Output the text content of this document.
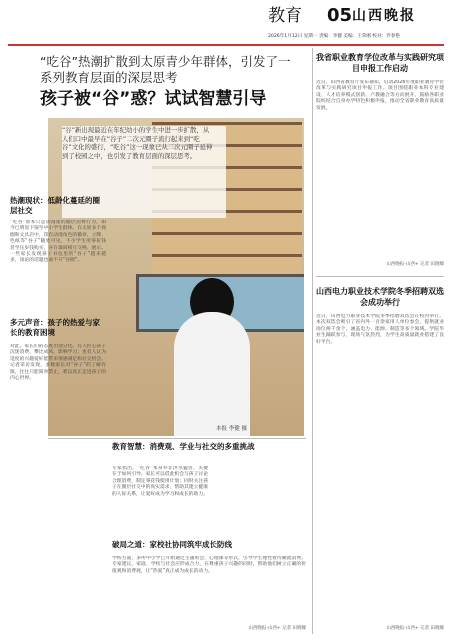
教育	05 山西晚报
2026年1月12日 星期一 责编：李健 美编：王荣刚 校对：乔春艳
“吃谷”热潮扩散到太原青少年群体，引发了一系列教育层面的深层思考
孩子被“谷”惑？试试智慧引导
“谷”新出现最近在年纪幼小的学生中进一步扩散，从人们口中最早在“谷子”二次元圈子流行起来到“吃谷”文化的盛行，“吃谷”这一现象已从二次元圈子延伸到了校园之中，也引发了教育层面的深层思考。
本报 李健 摄
热潮现状：低龄化蔓延的圈层社交
“吃谷”原本只是动漫迷的圈层消费行为，如今已明显下探至中小学生群体。在太原多个商圈和文具店中，印有动漫角色的徽章、立牌、色纸等“谷子”随处可见，不少学生用零花钱甚至压岁钱购买，并在课间相互交换、展示。一些家长发现孩子书包里的“谷子”越来越多，谈论的话题也离不开“谷圈”。
多元声音：孩子的热爱与家长的教育困境
对此，家长们的态度出现分化。有人担心孩子沉迷消费、攀比成风，影响学习；也有人认为适度的兴趣爱好能带来情感满足和社交机会。记者采访发现，多数家长对“谷子”的了解有限，往往只能简单禁止，难以真正走进孩子的内心世界。
教育智慧：消费观、学业与社交的多重挑战
专家指出，“吃谷”本身并非洪水猛兽，关键在于如何引导。家长可以借此机会与孩子讨论合理消费，制定零花钱使用计划；同时关注孩子在圈层社交中的真实需求，帮助其建立健康的人际关系，让爱好成为学习和成长的助力。
破局之道：家校社协同筑牢成长防线
学校方面，多所中小学已开始通过主题班会、心理课等形式，引导学生理性看待潮流消费。专家建议，家庭、学校与社会应形成合力，在尊重孩子兴趣的同时，帮助他们树立正确的价值观和消费观，让“热爱”真正成为成长的动力。
山西晚报·山西+ 记者 田晓臻
我省职业教育学位改革与实践研究项目申报工作启动
近日，山西省教育厅发布通知，启动2026年度职业教育学位改革与实践研究项目申报工作。项目围绕职业本科专业建设、人才培养模式创新、产教融合等方向展开，鼓励各职业院校结合自身办学特色积极申报，推动全省职业教育高质量发展。
山西晚报·山西+ 记者 田晓臻
山西电力职业技术学院冬季招聘双选会成功举行
近日，山西电力职业技术学院冬季招聘双选会在校内举行。本次双选会吸引了省内外一百余家用人单位参会，提供就业岗位两千余个，涵盖电力、能源、制造等多个领域。学院毕业生踊跃参与，现场气氛热烈，为学生高质量就业搭建了良好平台。
山西晚报·山西+ 记者 田晓臻
